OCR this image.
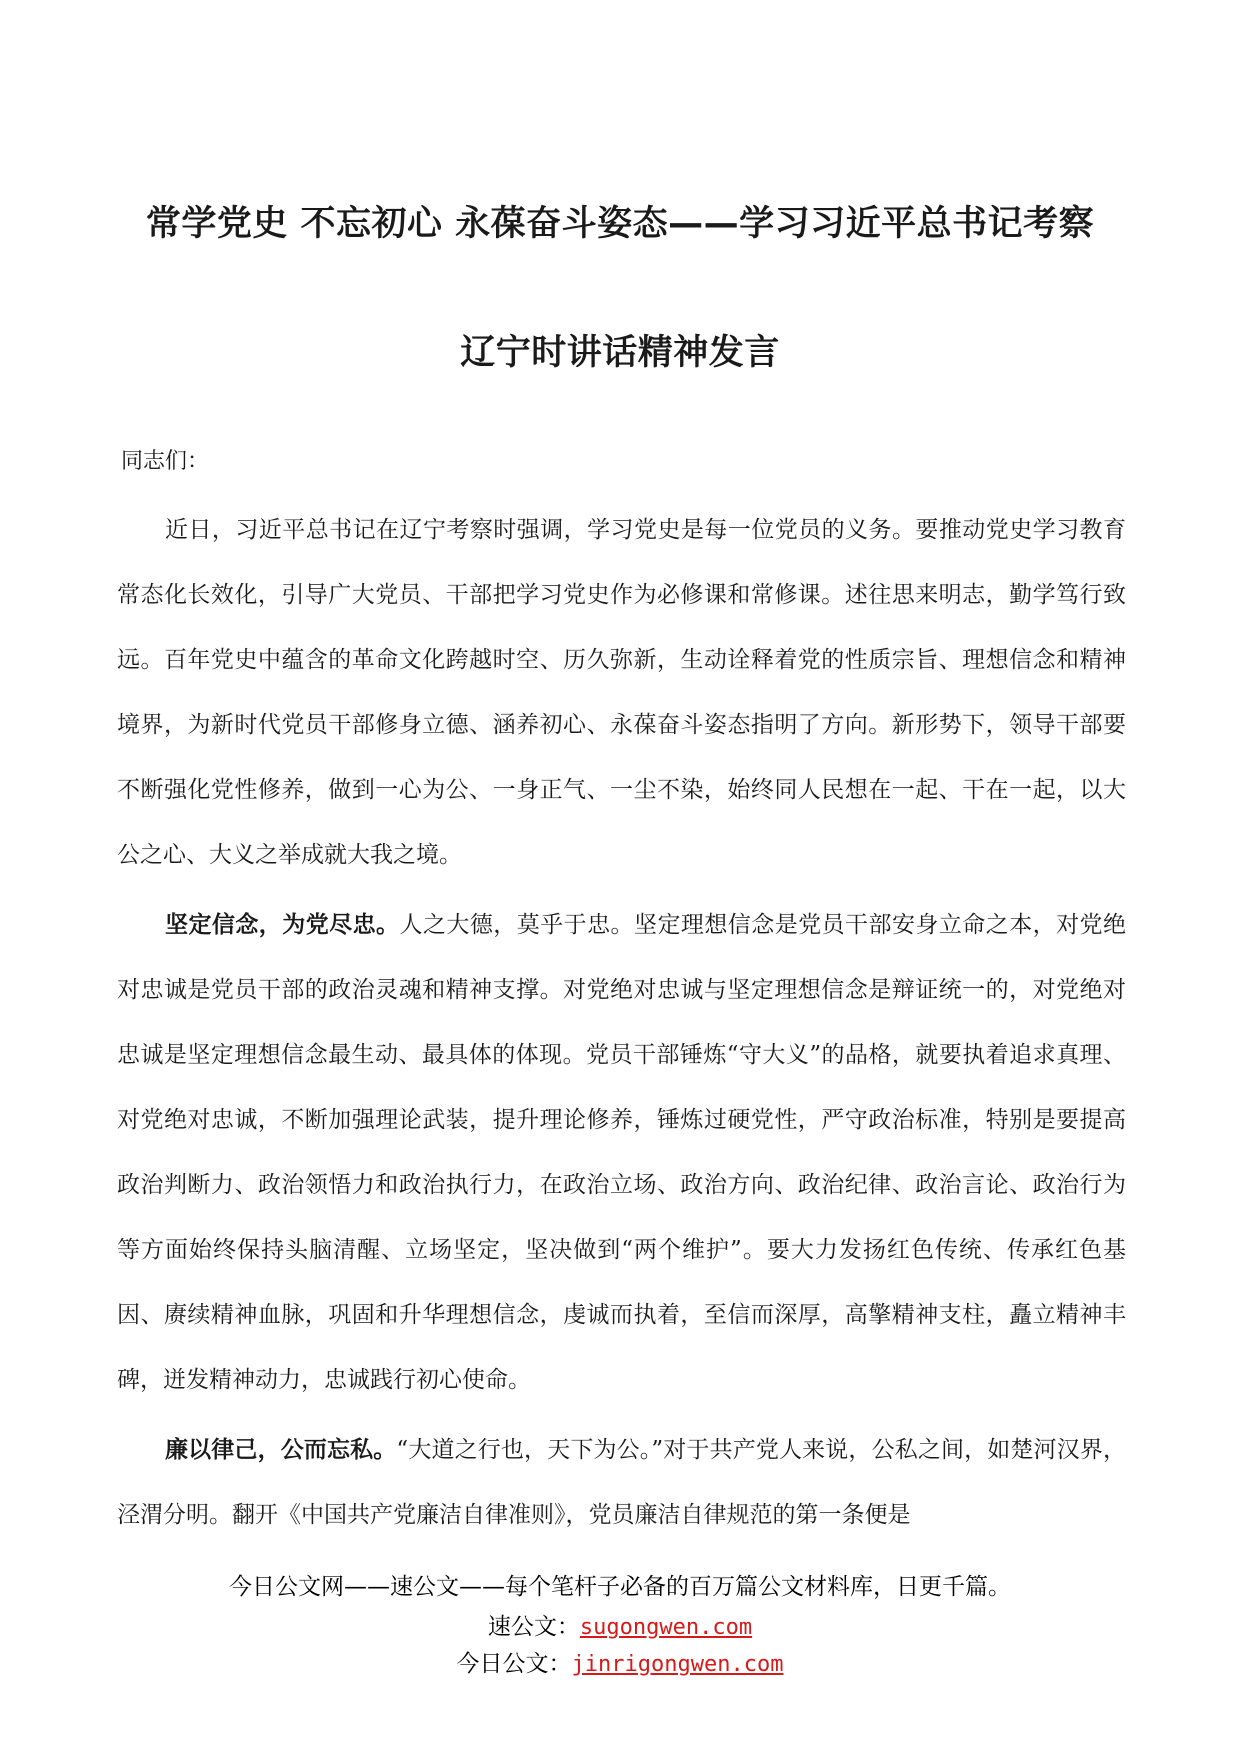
常学党史 不忘初心 永葆奋斗姿态——学习习近平总书记考察
辽宁时讲话精神发言

同志们：

近日，习近平总书记在辽宁考察时强调，学习党史是每一位党员的义务。要推动党史学习教育常态化长效化，引导广大党员、干部把学习党史作为必修课和常修课。述往思来明志，勤学笃行致远。百年党史中蕴含的革命文化跨越时空、历久弥新，生动诠释着党的性质宗旨、理想信念和精神境界，为新时代党员干部修身立德、涵养初心、永葆奋斗姿态指明了方向。新形势下，领导干部要不断强化党性修养，做到一心为公、一身正气、一尘不染，始终同人民想在一起、干在一起，以大公之心、大义之举成就大我之境。

坚定信念，为党尽忠。人之大德，莫乎于忠。坚定理想信念是党员干部安身立命之本，对党绝对忠诚是党员干部的政治灵魂和精神支撑。对党绝对忠诚与坚定理想信念是辩证统一的，对党绝对忠诚是坚定理想信念最生动、最具体的体现。党员干部锤炼“守大义”的品格，就要执着追求真理、对党绝对忠诚，不断加强理论武装，提升理论修养，锤炼过硬党性，严守政治标准，特别是要提高政治判断力、政治领悟力和政治执行力，在政治立场、政治方向、政治纪律、政治言论、政治行为等方面始终保持头脑清醒、立场坚定，坚决做到“两个维护”。要大力发扬红色传统、传承红色基因、赓续精神血脉，巩固和升华理想信念，虔诚而执着，至信而深厚，高擎精神支柱，矗立精神丰碑，迸发精神动力，忠诚践行初心使命。

廉以律己，公而忘私。“大道之行也，天下为公。”对于共产党人来说，公私之间，如楚河汉界，泾渭分明。翻开《中国共产党廉洁自律准则》，党员廉洁自律规范的第一条便是

今日公文网——速公文——每个笔杆子必备的百万篇公文材料库，日更千篇。

速公文：sugongwen.com

今日公文：jinrigongwen.com
